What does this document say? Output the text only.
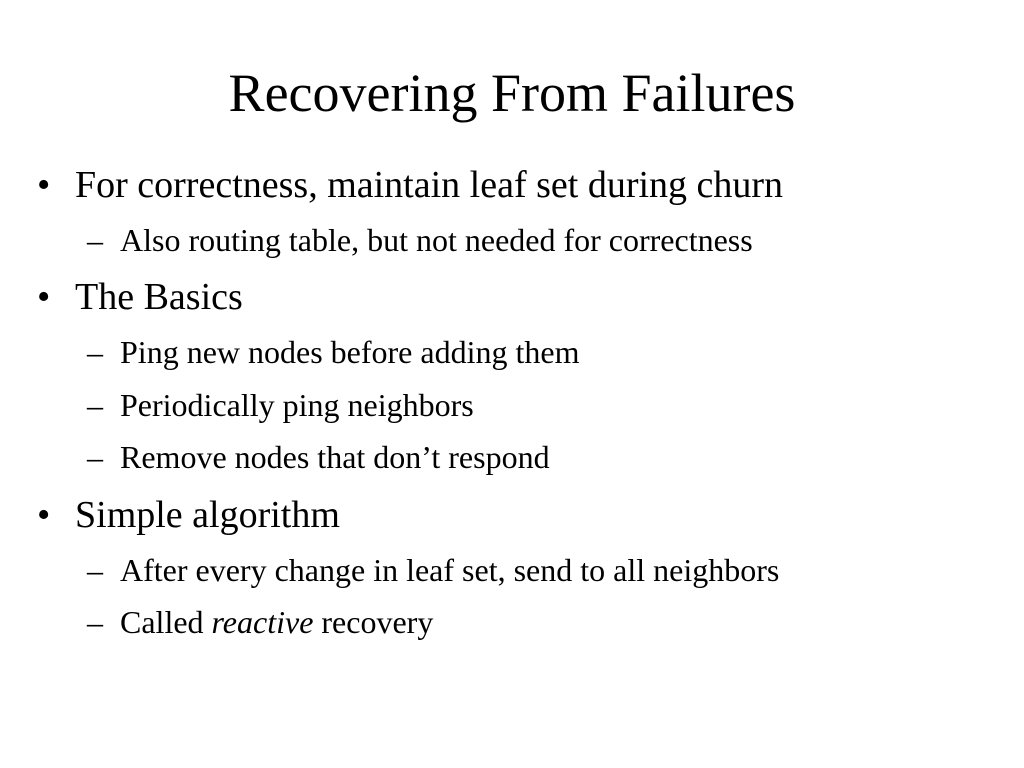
Recovering From Failures
• For correctness, maintain leaf set during churn
– Also routing table, but not needed for correctness
• The Basics
– Ping new nodes before adding them
– Periodically ping neighbors
– Remove nodes that don’t respond
• Simple algorithm
– After every change in leaf set, send to all neighbors
– Called reactive recovery
